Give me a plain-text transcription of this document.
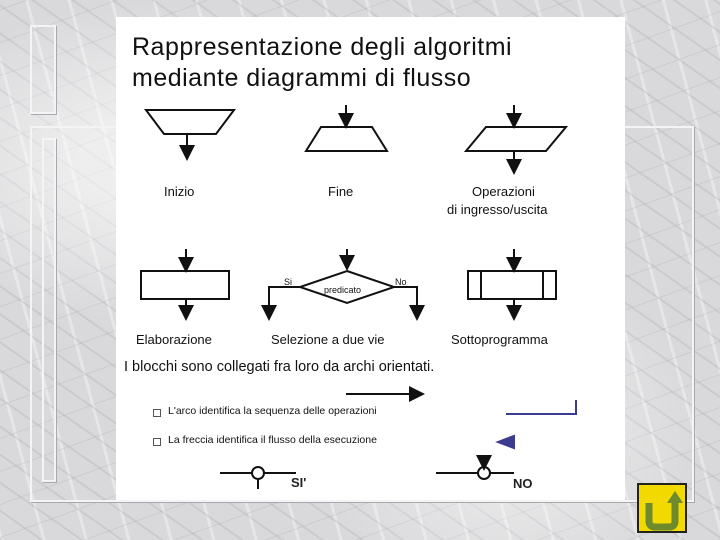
Rappresentazione degli algoritmi
mediante diagrammi di flusso
Inizio	Fine	Operazioni
di ingresso/uscita
Elaborazione	Selezione a due vie	Sottoprogramma
Si	No
predicato
I blocchi sono collegati fra loro da archi orientati.
L'arco identifica la sequenza delle operazioni
La freccia identifica il flusso della esecuzione
SI'	NO
